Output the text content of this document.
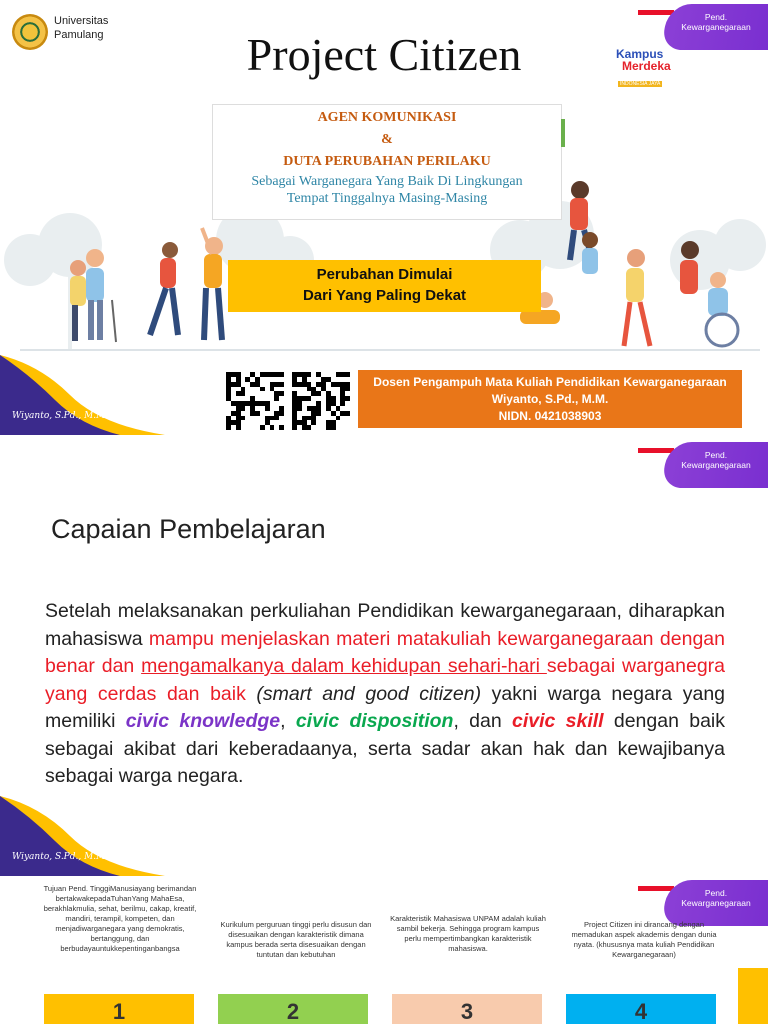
Universitas Pamulang	Project Citizen
Pend. Kewarganegaraan
Kampus
Merdeka
INDONESIA JAYA
AGEN KOMUNIKASI
&
DUTA PERUBAHAN PERILAKU
Sebagai Warganegara Yang Baik Di Lingkungan
Tempat Tinggalnya Masing-Masing
Perubahan Dimulai
Dari Yang Paling Dekat
Dosen Pengampuh Mata Kuliah Pendidikan Kewarganegaraan
Wiyanto, S.Pd., M.M.
NIDN. 0421038903
Wiyanto, S.Pd., M.M.
Pend. Kewarganegaraan
Capaian Pembelajaran
Setelah melaksanakan perkuliahan Pendidikan kewarganegaraan, diharapkan mahasiswa mampu menjelaskan materi matakuliah kewarganegaraan dengan benar dan mengamalkanya dalam kehidupan sehari-hari sebagai warganegra yang cerdas dan baik (smart and good citizen) yakni warga negara yang memiliki civic knowledge, civic disposition, dan civic skill dengan baik sebagai akibat dari keberadaanya, serta sadar akan hak dan kewajibanya sebagai warga negara.
Wiyanto, S.Pd., M.M.
Pend. Kewarganegaraan
Tujuan Pend. TinggiManusiayang berimandan bertakwakepadaTuhanYang MahaEsa, berakhlakmulia, sehat, berilmu, cakap, kreatif, mandiri, terampil, kompeten, dan menjadiwarganegara yang demokratis, bertanggung, dan berbudayauntukkepentinganbangsa
Kurikulum perguruan tinggi perlu disusun dan disesuaikan dengan karakteristik dimana kampus berada serta disesuaikan dengan tuntutan dan kebutuhan
Karakteristik Mahasiswa UNPAM adalah kuliah sambil bekerja. Sehingga program kampus perlu mempertimbangkan karakteristik mahasiswa.
Project Citizen ini dirancang dengan memadukan aspek akademis dengan dunia nyata. (khususnya mata kuliah Pendidikan Kewarganegaraan)
1	2	3	4
